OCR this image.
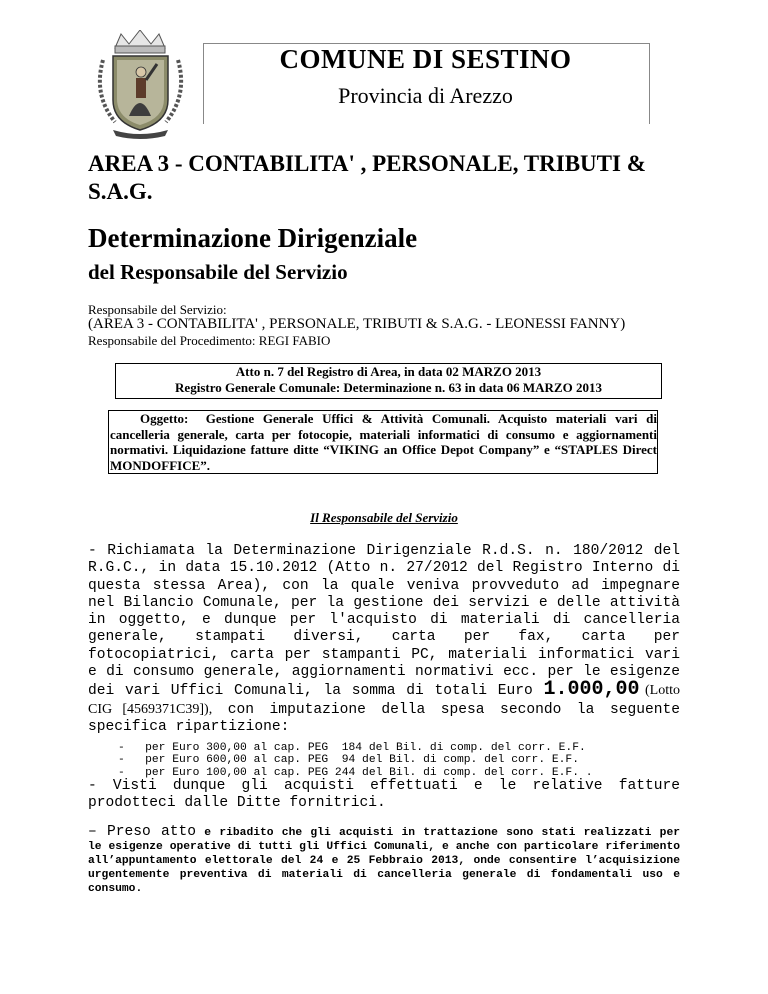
COMUNE DI SESTINO
Provincia di Arezzo
AREA 3 - CONTABILITA' , PERSONALE, TRIBUTI & S.A.G.
Determinazione Dirigenziale
del Responsabile del Servizio
Responsabile del Servizio:
(AREA 3 - CONTABILITA' , PERSONALE, TRIBUTI & S.A.G. - LEONESSI FANNY)
Responsabile del Procedimento: REGI FABIO
Atto n. 7 del Registro di Area, in data 02 MARZO 2013
Registro Generale Comunale: Determinazione n. 63 in data 06 MARZO 2013
Oggetto: Gestione Generale Uffici & Attività Comunali. Acquisto materiali vari di cancelleria generale, carta per fotocopie, materiali informatici di consumo e aggiornamenti normativi. Liquidazione fatture ditte “VIKING an Office Depot Company” e “STAPLES Direct MONDOFFICE”.
Il Responsabile del Servizio
- Richiamata la Determinazione Dirigenziale R.d.S. n. 180/2012 del R.G.C., in data 15.10.2012 (Atto n. 27/2012 del Registro Interno di questa stessa Area), con la quale veniva provveduto ad impegnare nel Bilancio Comunale, per la gestione dei servizi e delle attività in oggetto, e dunque per l'acquisto di materiali di cancelleria generale, stampati diversi, carta per fax, carta per fotocopiatrici, carta per stampanti PC, materiali informatici vari e di consumo generale, aggiornamenti normativi ecc. per le esigenze dei vari Uffici Comunali, la somma di totali Euro 1.000,00 (Lotto CIG [4569371C39]), con imputazione della spesa secondo la seguente specifica ripartizione:

-   per Euro 300,00 al cap. PEG  184 del Bil. di comp. del corr. E.F.
-   per Euro 600,00 al cap. PEG  94 del Bil. di comp. del corr. E.F.
-   per Euro 100,00 al cap. PEG 244 del Bil. di comp. del corr. E.F. .
- Visti dunque gli acquisti effettuati e le relative fatture prodotteci dalle Ditte fornitrici.
– Preso atto e ribadito che gli acquisti in trattazione sono stati realizzati per le esigenze operative di tutti gli Uffici Comunali, e anche con particolare riferimento all’appuntamento elettorale del 24 e 25 Febbraio 2013, onde consentire l’acquisizione urgentemente preventiva di materiali di cancelleria generale di fondamentali uso e consumo.
